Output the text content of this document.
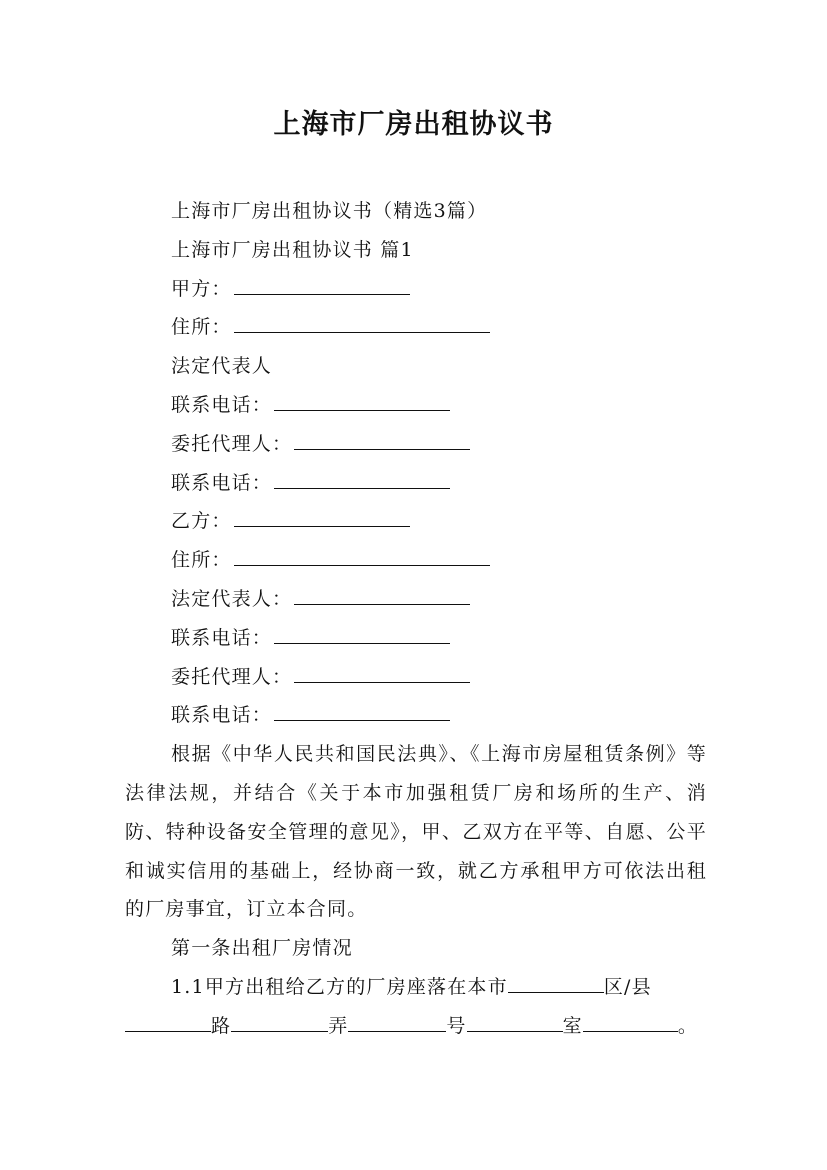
上海市厂房出租协议书

上海市厂房出租协议书（精选3篇）

上海市厂房出租协议书 篇1

甲方：

住所：

法定代表人

联系电话：

委托代理人：

联系电话：

乙方：

住所：

法定代表人：

联系电话：

委托代理人：

联系电话：

根据《中华人民共和国民法典》、《上海市房屋租赁条例》等法律法规，并结合《关于本市加强租赁厂房和场所的生产、消防、特种设备安全管理的意见》，甲、乙双方在平等、自愿、公平和诚实信用的基础上，经协商一致，就乙方承租甲方可依法出租的厂房事宜，订立本合同。

第一条出租厂房情况

1.1甲方出租给乙方的厂房座落在本市	区/县

路	弄	号	室	。
